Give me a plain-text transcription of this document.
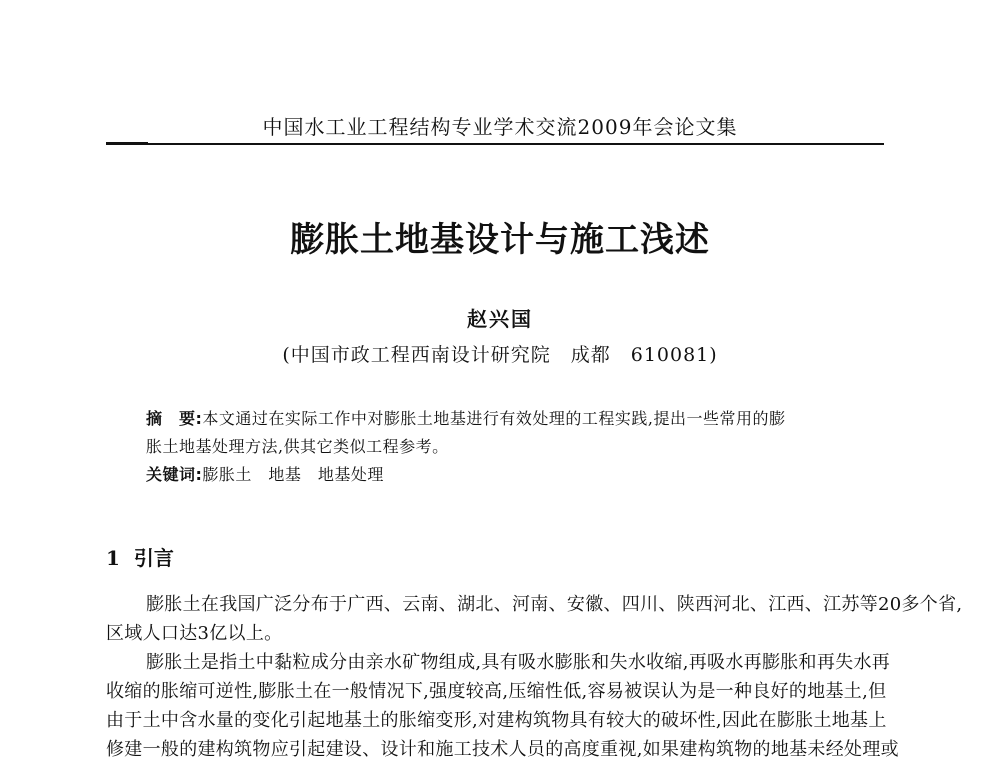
中国水工业工程结构专业学术交流2009年会论文集
膨胀土地基设计与施工浅述
赵兴国
(中国市政工程西南设计研究院　成都　610081)
摘　要:本文通过在实际工作中对膨胀土地基进行有效处理的工程实践,提出一些常用的膨
胀土地基处理方法,供其它类似工程参考。
关键词:膨胀土　地基　地基处理
1 引言
膨胀土在我国广泛分布于广西、云南、湖北、河南、安徽、四川、陕西河北、江西、江苏等20多个省,
区域人口达3亿以上。
膨胀土是指土中黏粒成分由亲水矿物组成,具有吸水膨胀和失水收缩,再吸水再膨胀和再失水再
收缩的胀缩可逆性,膨胀土在一般情况下,强度较高,压缩性低,容易被误认为是一种良好的地基土,但
由于土中含水量的变化引起地基土的胀缩变形,对建构筑物具有较大的破坏性,因此在膨胀土地基上
修建一般的建构筑物应引起建设、设计和施工技术人员的高度重视,如果建构筑物的地基未经处理或
